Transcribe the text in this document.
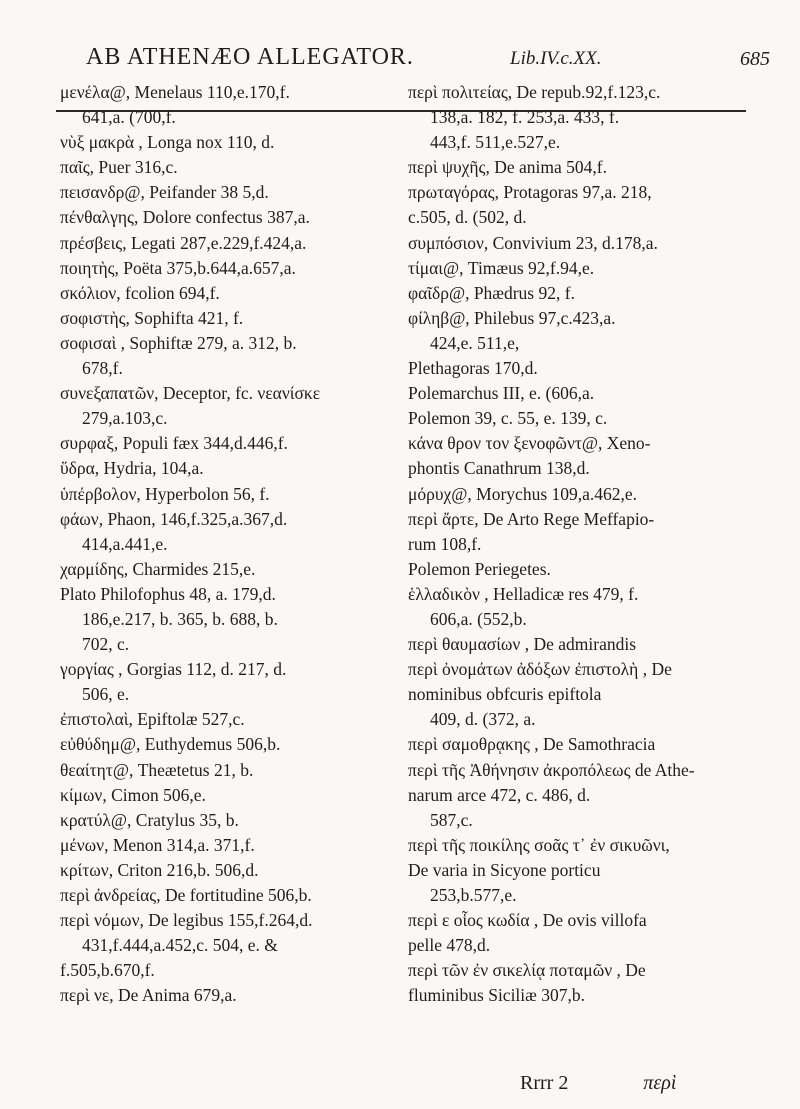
AB ATHENÆO ALLEGATOR.	Lib.IV.c.XX.	685
μενέλα@, Menelaus 110,e.170,f.
641,a. (700,f.
νὺξ μακρὰ , Longa nox 110, d.
παῖς, Puer 316,c.
πεισανδρ@, Peifander 38 5,d.
πένθαλγης, Dolore confectus 387,a.
πρέσβεις, Legati 287,e.229,f.424,a.
ποιητὴς, Poëta 375,b.644,a.657,a.
σκόλιον, fcolion 694,f.
σοφιστὴς, Sophifta 421, f.
σοφισαὶ , Sophiftæ 279, a. 312, b.
678,f.
συνεξαπατῶν, Deceptor, fc. νεανίσκε
279,a.103,c.
συρφαξ, Populi fæx 344,d.446,f.
ὕδρα, Hydria, 104,a.
ὑπέρβολον, Hyperbolon 56, f.
φάων, Phaon, 146,f.325,a.367,d.
414,a.441,e.
χαρμίδης, Charmides 215,e.
Plato Philofophus 48, a. 179,d.
186,e.217, b. 365, b. 688, b.
702, c.
γοργίας , Gorgias 112, d. 217, d.
506, e.
ἐπιστολαὶ, Epiftolæ 527,c.
εὐθύδημ@, Euthydemus 506,b.
θεαίτητ@, Theætetus 21, b.
κίμων, Cimon 506,e.
κρατύλ@, Cratylus 35, b.
μένων, Menon 314,a. 371,f.
κρίτων, Criton 216,b. 506,d.
περὶ ἀνδρείας, De fortitudine 506,b.
περὶ νόμων, De legibus 155,f.264,d.
431,f.444,a.452,c. 504, e. &
f.505,b.670,f.
περὶ νε, De Anima 679,a.
περὶ πολιτείας, De repub.92,f.123,c.
138,a. 182, f. 253,a. 433, f.
443,f. 511,e.527,e.
περὶ ψυχῆς, De anima 504,f.
πρωταγόρας, Protagoras 97,a. 218,
c.505, d. (502, d.
συμπόσιον, Convivium 23, d.178,a.
τίμαι@, Timæus 92,f.94,e.
φαῖδρ@, Phædrus 92, f.
φίληβ@, Philebus 97,c.423,a.
424,e. 511,e,
Plethagoras 170,d.
Polemarchus III, e. (606,a.
Polemon 39, c. 55, e. 139, c.
κάνα θρον τον ξενοφῶντ@, Xeno-
phontis Canathrum 138,d.
μόρυχ@, Morychus 109,a.462,e.
περὶ ἄρτε, De Arto Rege Meffapio-
rum 108,f.
Polemon Periegetes.
ἑλλαδικὸν , Helladicæ res 479, f.
606,a. (552,b.
περὶ θαυμασίων , De admirandis
περὶ ὀνομάτων ἀδόξων ἐπιστολὴ , De
nominibus obfcuris epiftola
409, d. (372, a.
περὶ σαμοθρᾳκης , De Samothracia
περὶ τῆς Ἀθήνησιν ἀκροπόλεως de Athe-
narum arce 472, c. 486, d.
587,c.
περὶ τῆς ποικίλης σοᾶς τ᾽ ἐν σικυῶνι,
De varia in Sicyone porticu
253,b.577,e.
περὶ ε οἷος κωδία , De ovis villofa
pelle 478,d.
περὶ τῶν ἐν σικελίᾳ ποταμῶν , De
fluminibus Siciliæ 307,b.
Rrrr 2	περὶ
